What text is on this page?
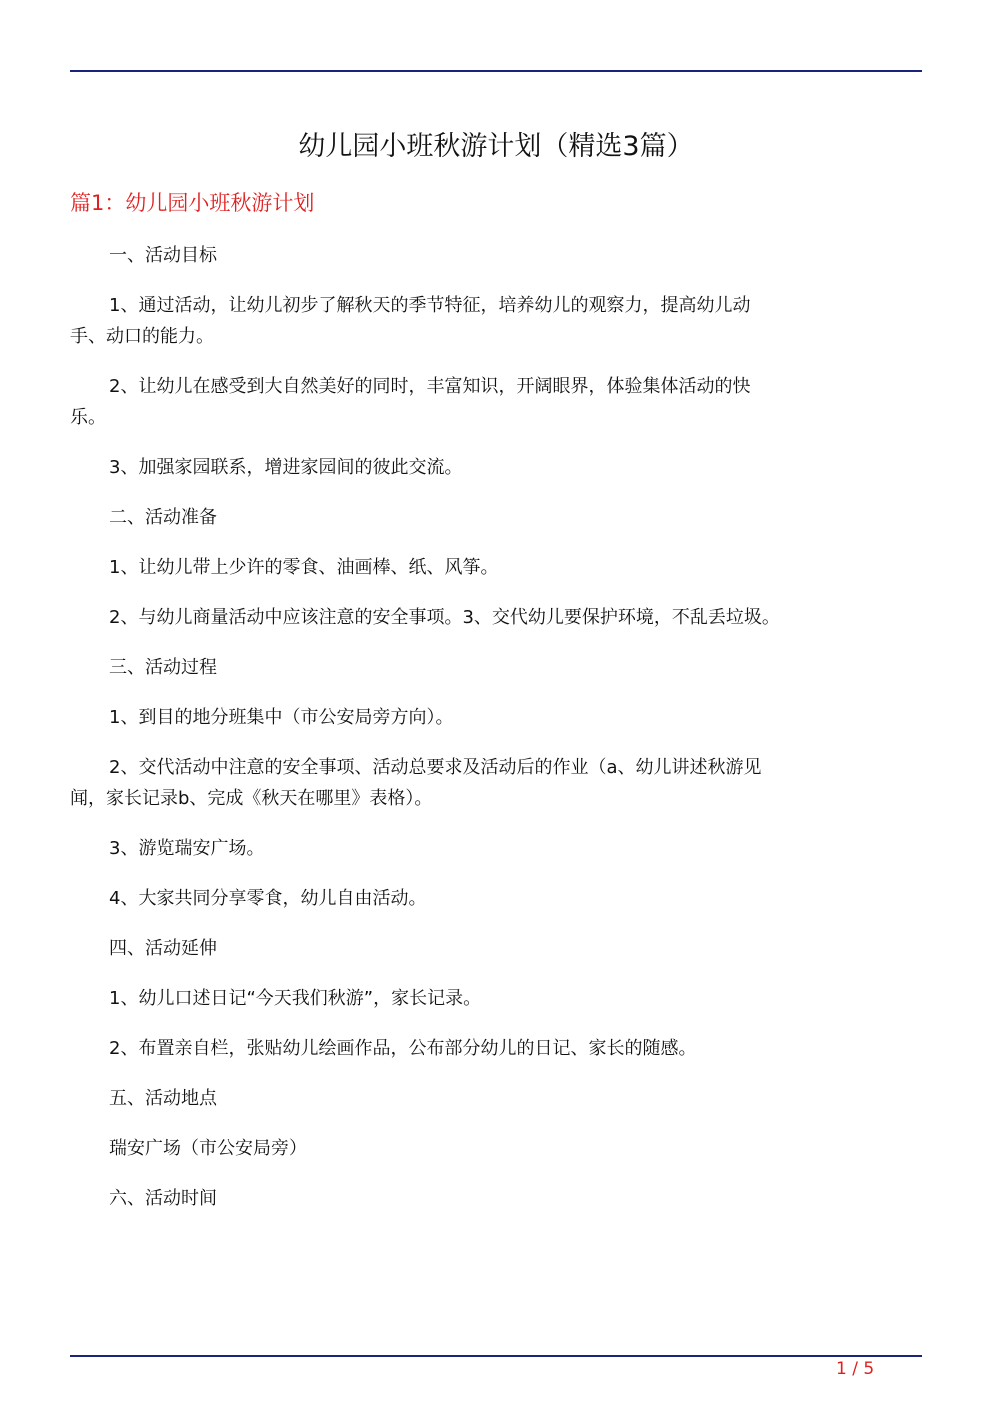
幼儿园小班秋游计划（精选3篇）
篇1：幼儿园小班秋游计划

一、活动目标

1、通过活动，让幼儿初步了解秋天的季节特征，培养幼儿的观察力，提高幼儿动手、动口的能力。

2、让幼儿在感受到大自然美好的同时，丰富知识，开阔眼界，体验集体活动的快乐。

3、加强家园联系，增进家园间的彼此交流。

二、活动准备

1、让幼儿带上少许的零食、油画棒、纸、风筝。

2、与幼儿商量活动中应该注意的安全事项。3、交代幼儿要保护环境，不乱丢垃圾。

三、活动过程

1、到目的地分班集中（市公安局旁方向）。

2、交代活动中注意的安全事项、活动总要求及活动后的作业（a、幼儿讲述秋游见闻，家长记录b、完成《秋天在哪里》表格）。

3、游览瑞安广场。

4、大家共同分享零食，幼儿自由活动。

四、活动延伸

1、幼儿口述日记“今天我们秋游”，家长记录。

2、布置亲自栏，张贴幼儿绘画作品，公布部分幼儿的日记、家长的随感。

五、活动地点

瑞安广场（市公安局旁）

六、活动时间

1 / 5
